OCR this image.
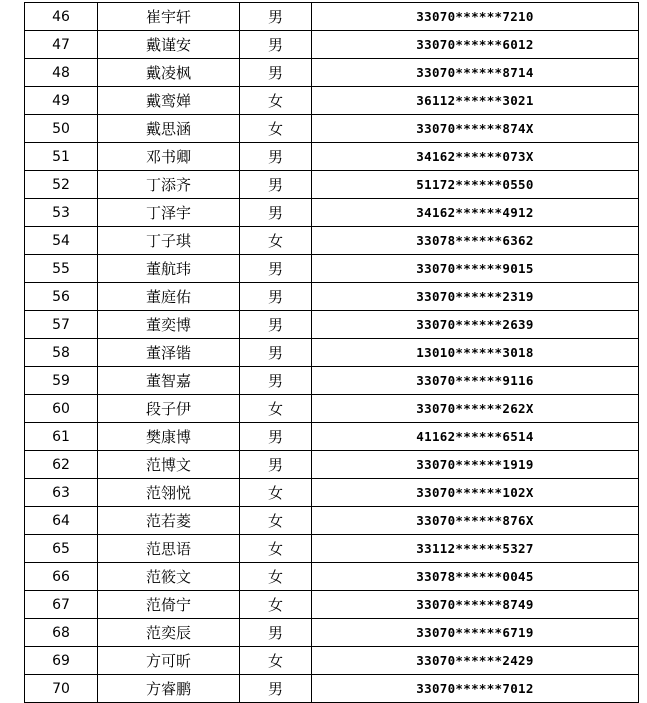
46	崔宇轩	男	33070******7210
47	戴谨安	男	33070******6012
48	戴凌枫	男	33070******8714
49	戴鸾婵	女	36112******3021
50	戴思涵	女	33070******874X
51	邓书卿	男	34162******073X
52	丁添齐	男	51172******0550
53	丁泽宇	男	34162******4912
54	丁子琪	女	33078******6362
55	董航玮	男	33070******9015
56	董庭佑	男	33070******2319
57	董奕博	男	33070******2639
58	董泽锴	男	13010******3018
59	董智嘉	男	33070******9116
60	段子伊	女	33070******262X
61	樊康博	男	41162******6514
62	范博文	男	33070******1919
63	范翎悦	女	33070******102X
64	范若菱	女	33070******876X
65	范思语	女	33112******5327
66	范筱文	女	33078******0045
67	范倚宁	女	33070******8749
68	范奕辰	男	33070******6719
69	方可昕	女	33070******2429
70	方睿鹏	男	33070******7012
